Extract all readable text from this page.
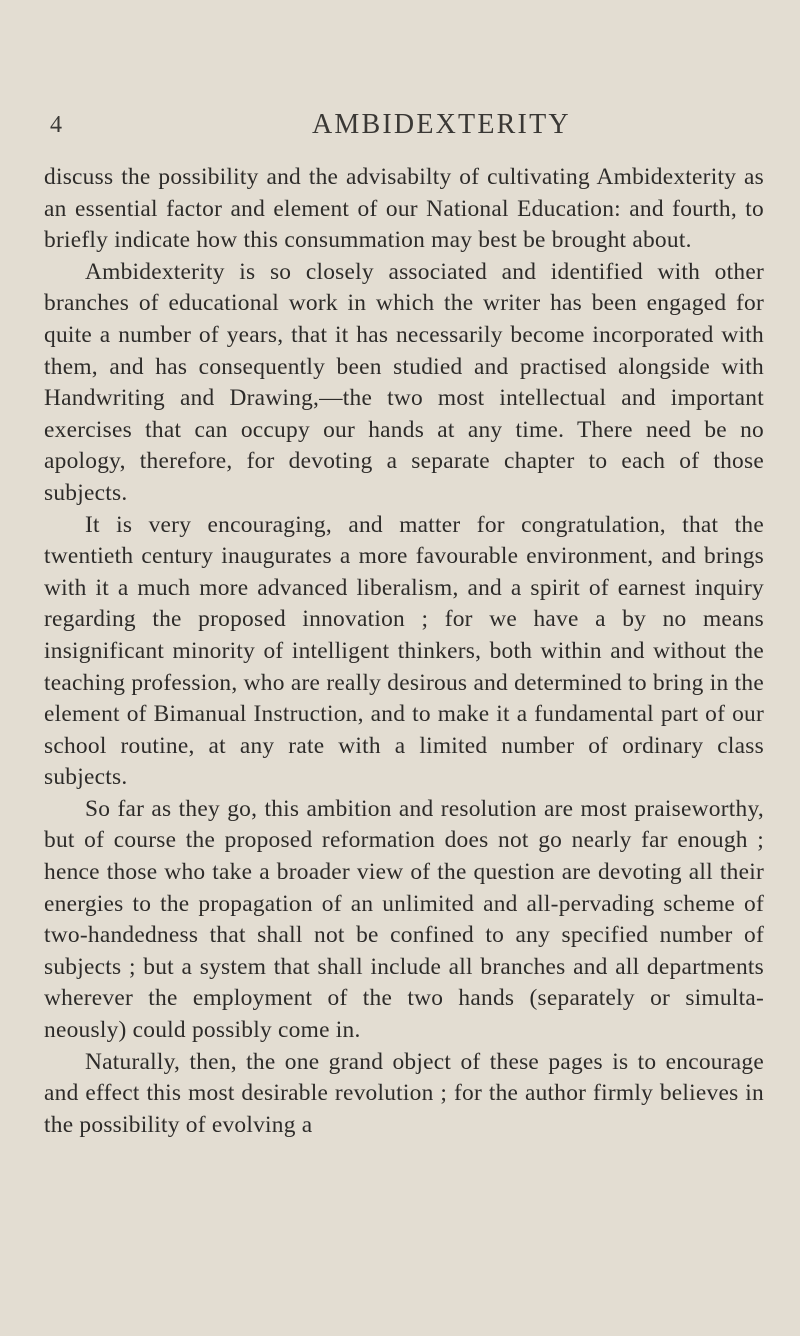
4	AMBIDEXTERITY

discuss the possibility and the advisabilty of cultivating Ambidexterity as an essential factor and element of our National Education: and fourth, to briefly indicate how this consummation may best be brought about.

Ambidexterity is so closely associated and identified with other branches of educational work in which the writer has been engaged for quite a number of years, that it has necessarily become incorporated with them, and has consequently been studied and practised alongside with Handwriting and Drawing,—the two most intellectual and important exercises that can occupy our hands at any time. There need be no apology, therefore, for devoting a separate chapter to each of those subjects.

It is very encouraging, and matter for congratulation, that the twentieth century inaugurates a more favourable environment, and brings with it a much more advanced liberalism, and a spirit of earnest inquiry regarding the proposed innovation ; for we have a by no means insignificant minority of intelligent thinkers, both within and without the teaching profession, who are really desirous and determined to bring in the element of Bimanual Instruction, and to make it a fundamental part of our school routine, at any rate with a limited number of ordinary class subjects.

So far as they go, this ambition and resolution are most praiseworthy, but of course the proposed reformation does not go nearly far enough ; hence those who take a broader view of the question are devoting all their energies to the propagation of an unlimited and all-pervading scheme of two-handedness that shall not be confined to any specified number of subjects ; but a system that shall include all branches and all departments wherever the employment of the two hands (separately or simulta-neously) could possibly come in.

Naturally, then, the one grand object of these pages is to encourage and effect this most desirable revolution ; for the author firmly believes in the possibility of evolving a
